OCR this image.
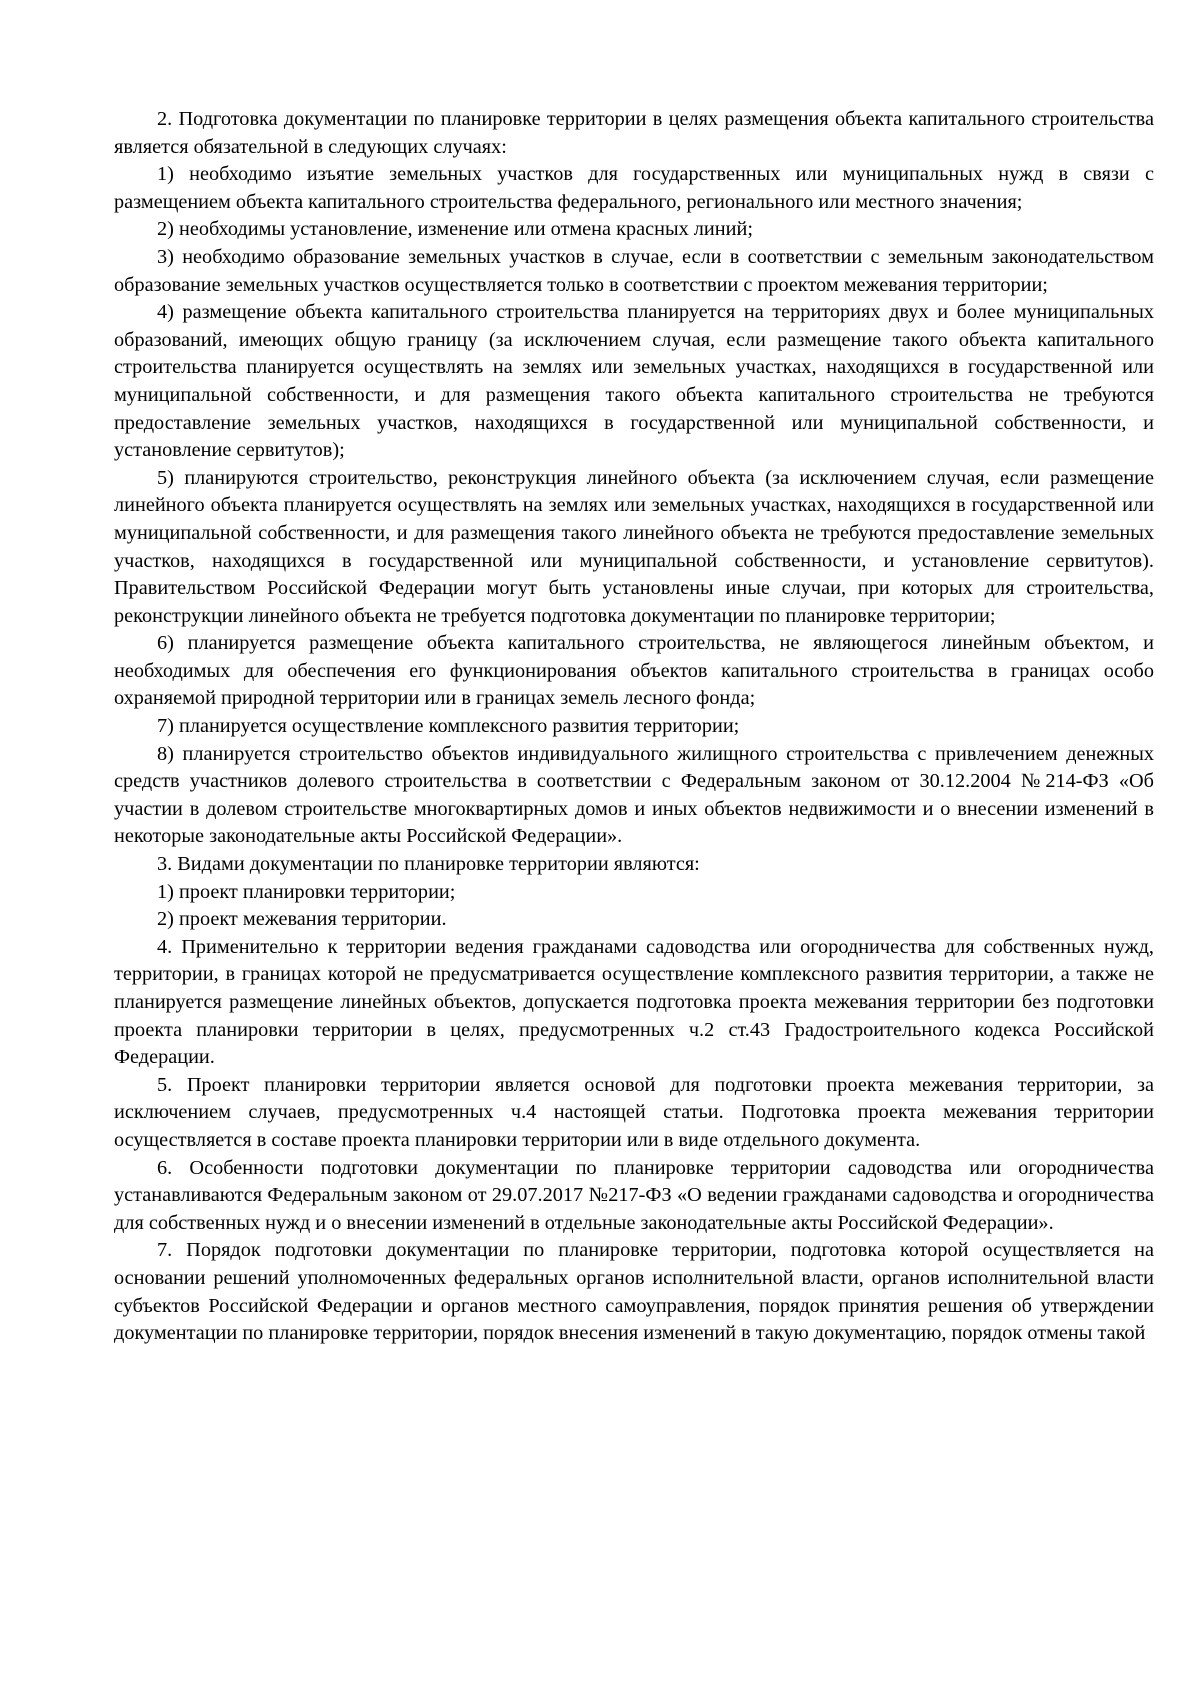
2. Подготовка документации по планировке территории в целях размещения объекта капитального строительства является обязательной в следующих случаях:

1) необходимо изъятие земельных участков для государственных или муниципальных нужд в связи с размещением объекта капитального строительства федерального, регионального или местного значения;

2) необходимы установление, изменение или отмена красных линий;

3) необходимо образование земельных участков в случае, если в соответствии с земельным законодательством образование земельных участков осуществляется только в соответствии с проектом межевания территории;

4) размещение объекта капитального строительства планируется на территориях двух и более муниципальных образований, имеющих общую границу (за исключением случая, если размещение такого объекта капитального строительства планируется осуществлять на землях или земельных участках, находящихся в государственной или муниципальной собственности, и для размещения такого объекта капитального строительства не требуются предоставление земельных участков, находящихся в государственной или муниципальной собственности, и установление сервитутов);

5) планируются строительство, реконструкция линейного объекта (за исключением случая, если размещение линейного объекта планируется осуществлять на землях или земельных участках, находящихся в государственной или муниципальной собственности, и для размещения такого линейного объекта не требуются предоставление земельных участков, находящихся в государственной или муниципальной собственности, и установление сервитутов). Правительством Российской Федерации могут быть установлены иные случаи, при которых для строительства, реконструкции линейного объекта не требуется подготовка документации по планировке территории;

6) планируется размещение объекта капитального строительства, не являющегося линейным объектом, и необходимых для обеспечения его функционирования объектов капитального строительства в границах особо охраняемой природной территории или в границах земель лесного фонда;

7) планируется осуществление комплексного развития территории;

8) планируется строительство объектов индивидуального жилищного строительства с привлечением денежных средств участников долевого строительства в соответствии с Федеральным законом от 30.12.2004 №214-ФЗ «Об участии в долевом строительстве многоквартирных домов и иных объектов недвижимости и о внесении изменений в некоторые законодательные акты Российской Федерации».

3. Видами документации по планировке территории являются:

1) проект планировки территории;

2) проект межевания территории.

4. Применительно к территории ведения гражданами садоводства или огородничества для собственных нужд, территории, в границах которой не предусматривается осуществление комплексного развития территории, а также не планируется размещение линейных объектов, допускается подготовка проекта межевания территории без подготовки проекта планировки территории в целях, предусмотренных ч.2 ст.43 Градостроительного кодекса Российской Федерации.

5. Проект планировки территории является основой для подготовки проекта межевания территории, за исключением случаев, предусмотренных ч.4 настоящей статьи. Подготовка проекта межевания территории осуществляется в составе проекта планировки территории или в виде отдельного документа.

6. Особенности подготовки документации по планировке территории садоводства или огородничества устанавливаются Федеральным законом от 29.07.2017 №217-ФЗ «О ведении гражданами садоводства и огородничества для собственных нужд и о внесении изменений в отдельные законодательные акты Российской Федерации».

7. Порядок подготовки документации по планировке территории, подготовка которой осуществляется на основании решений уполномоченных федеральных органов исполнительной власти, органов исполнительной власти субъектов Российской Федерации и органов местного самоуправления, порядок принятия решения об утверждении документации по планировке территории, порядок внесения изменений в такую документацию, порядок отмены такой
